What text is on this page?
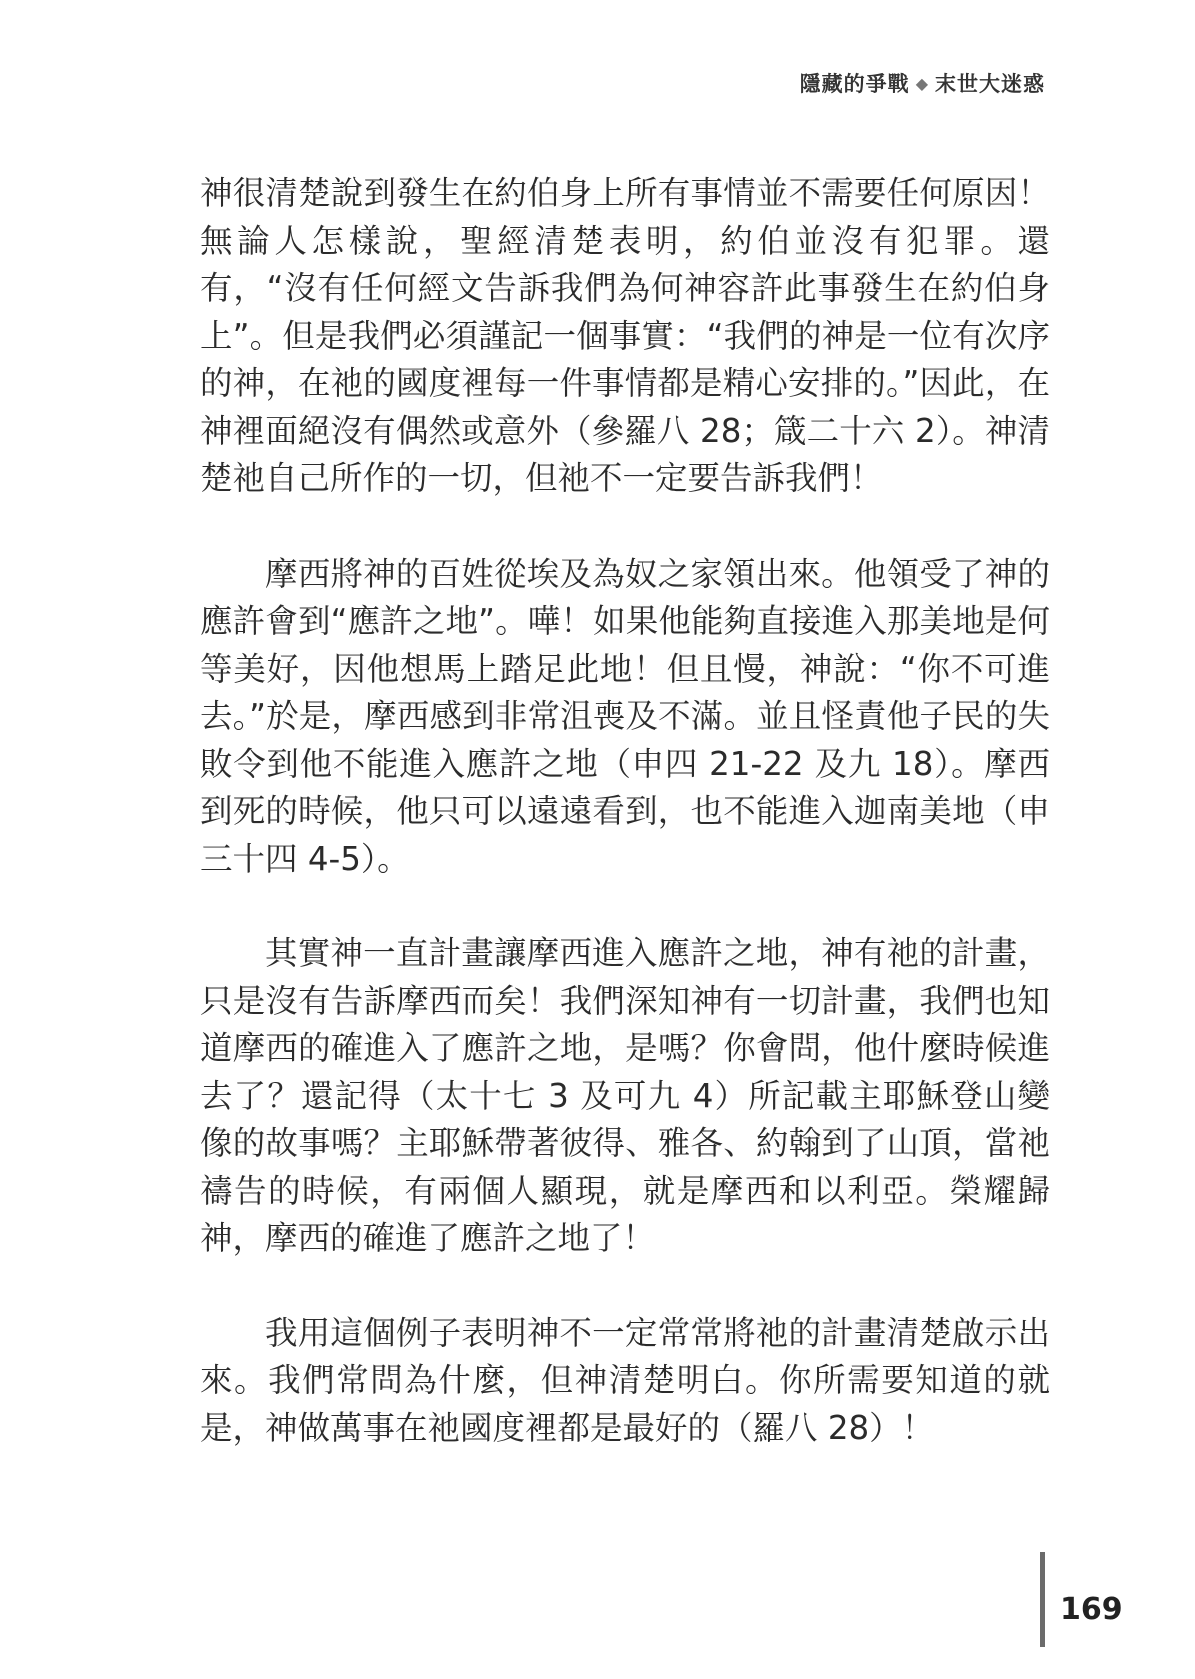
隱藏的爭戰 ◆ 末世大迷惑

神很清楚說到發生在約伯身上所有事情並不需要任何原因！無論人怎樣說，聖經清楚表明，約伯並沒有犯罪。還有，“沒有任何經文告訴我們為何神容許此事發生在約伯身上”。但是我們必須謹記一個事實：“我們的神是一位有次序的神，在祂的國度裡每一件事情都是精心安排的。”因此，在神裡面絕沒有偶然或意外（參羅八 28；箴二十六 2）。神清楚祂自己所作的一切，但祂不一定要告訴我們！

摩西將神的百姓從埃及為奴之家領出來。他領受了神的應許會到“應許之地”。嘩！如果他能夠直接進入那美地是何等美好，因他想馬上踏足此地！但且慢，神說：“你不可進去。”於是，摩西感到非常沮喪及不滿。並且怪責他子民的失敗令到他不能進入應許之地（申四 21-22 及九 18）。摩西到死的時候，他只可以遠遠看到，也不能進入迦南美地（申三十四 4-5）。

其實神一直計畫讓摩西進入應許之地，神有祂的計畫，只是沒有告訴摩西而矣！我們深知神有一切計畫，我們也知道摩西的確進入了應許之地，是嗎？你會問，他什麼時候進去了？還記得（太十七 3 及可九 4）所記載主耶穌登山變像的故事嗎？主耶穌帶著彼得、雅各、約翰到了山頂，當祂禱告的時候，有兩個人顯現，就是摩西和以利亞。榮耀歸神，摩西的確進了應許之地了！

我用這個例子表明神不一定常常將祂的計畫清楚啟示出來。我們常問為什麼，但神清楚明白。你所需要知道的就是，神做萬事在祂國度裡都是最好的（羅八 28）！

169
